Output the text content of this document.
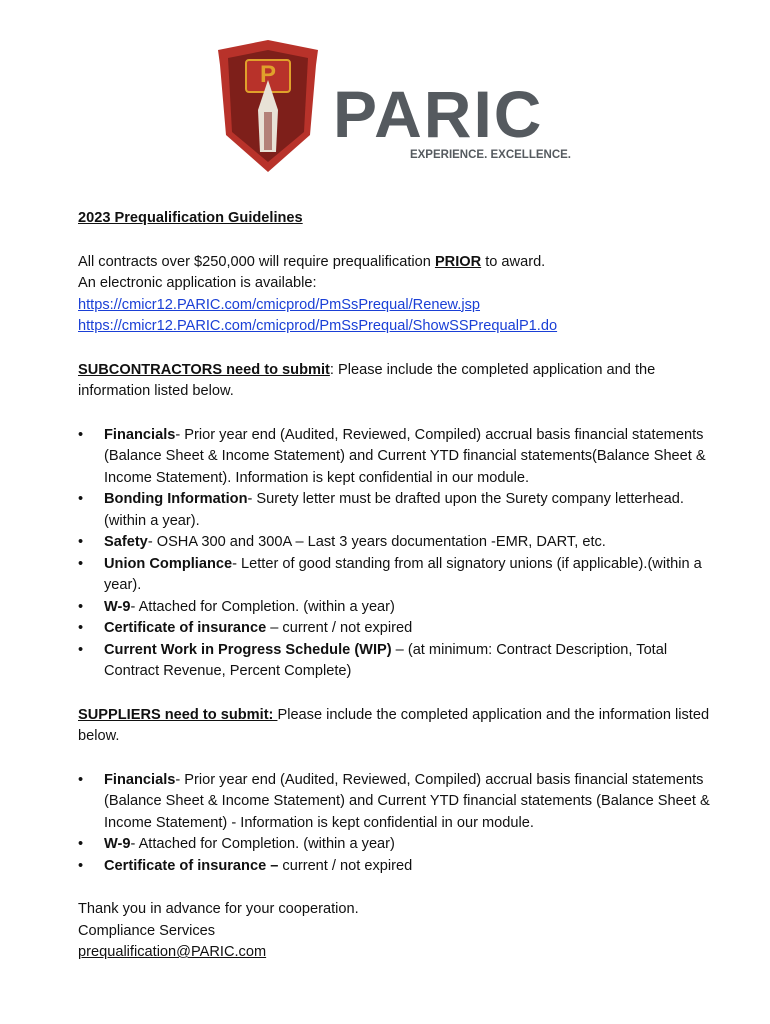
P
PARIC
EXPERIENCE. EXCELLENCE.

2023 Prequalification Guidelines

All contracts over $250,000 will require prequalification PRIOR to award.

An electronic application is available:

https://cmicr12.PARIC.com/cmicprod/PmSsPrequal/Renew.jsp

https://cmicr12.PARIC.com/cmicprod/PmSsPrequal/ShowSSPrequalP1.do

SUBCONTRACTORS need to submit: Please include the completed application and the information listed below.

• Financials- Prior year end (Audited, Reviewed, Compiled) accrual basis financial statements (Balance Sheet & Income Statement) and Current YTD financial statements(Balance Sheet & Income Statement). Information is kept confidential in our module.
• Bonding Information- Surety letter must be drafted upon the Surety company letterhead. (within a year).
• Safety- OSHA 300 and 300A – Last 3 years documentation -EMR, DART, etc.
• Union Compliance- Letter of good standing from all signatory unions (if applicable).(within a year).
• W-9- Attached for Completion. (within a year)
• Certificate of insurance – current / not expired
• Current Work in Progress Schedule (WIP) – (at minimum: Contract Description, Total Contract Revenue, Percent Complete)

SUPPLIERS need to submit: Please include the completed application and the information listed below.

• Financials- Prior year end (Audited, Reviewed, Compiled) accrual basis financial statements (Balance Sheet & Income Statement) and Current YTD financial statements (Balance Sheet & Income Statement) - Information is kept confidential in our module.
• W-9- Attached for Completion. (within a year)
• Certificate of insurance – current / not expired

Thank you in advance for your cooperation.

Compliance Services

prequalification@PARIC.com
